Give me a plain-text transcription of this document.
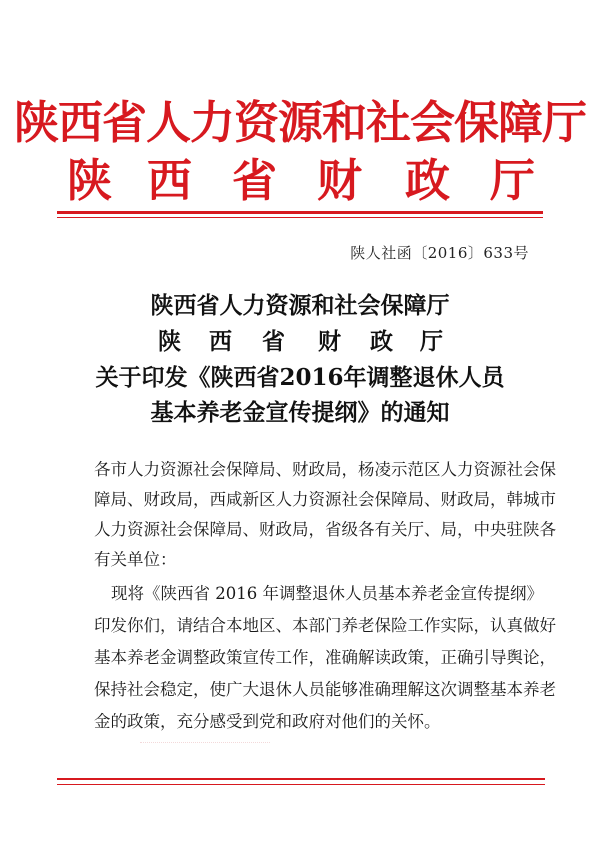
陕西省人力资源和社会保障厅
陕 西 省 财 政 厅
陕人社函〔2016〕633号
陕西省人力资源和社会保障厅
陕 西 省 财 政 厅
关于印发《陕西省2016年调整退休人员
基本养老金宣传提纲》的通知
各市人力资源社会保障局、财政局，杨凌示范区人力资源社会保
障局、财政局，西咸新区人力资源社会保障局、财政局，韩城市
人力资源社会保障局、财政局，省级各有关厅、局，中央驻陕各
有关单位：
现将《陕西省 2016 年调整退休人员基本养老金宣传提纲》
印发你们，请结合本地区、本部门养老保险工作实际，认真做好
基本养老金调整政策宣传工作，准确解读政策，正确引导舆论，
保持社会稳定，使广大退休人员能够准确理解这次调整基本养老
金的政策，充分感受到党和政府对他们的关怀。
